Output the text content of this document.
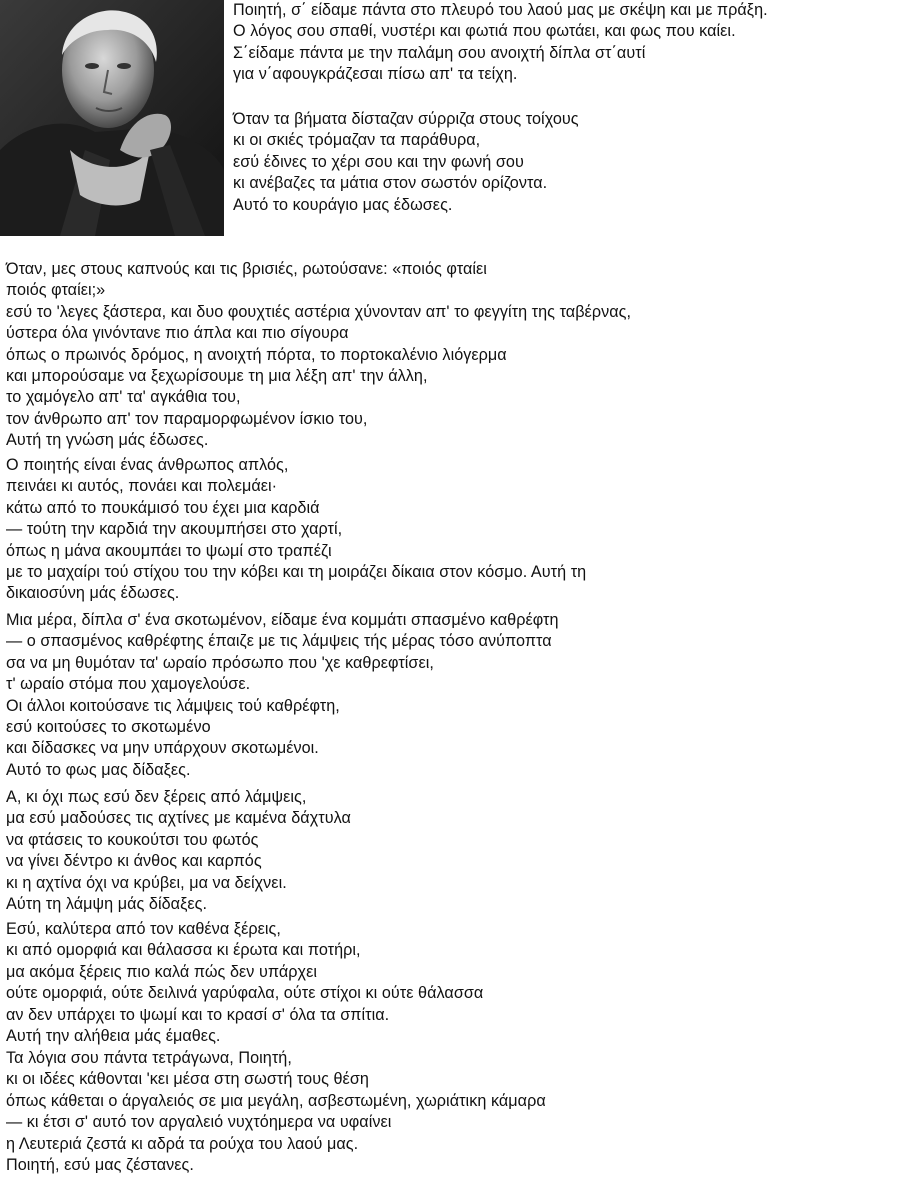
Ποιητή, σ΄ είδαμε πάντα στο πλευρό του λαού μας με σκέψη και με πράξη.
Ο λόγος σου σπαθί, νυστέρι και φωτιά που φωτάει, και φως που καίει.
Σ΄είδαμε πάντα με την παλάμη σου ανοιχτή δίπλα στ΄αυτί
για ν΄αφουγκράζεσαι πίσω απ' τα τείχη.
Όταν τα βήματα δίσταζαν σύρριζα στους τοίχους
κι οι σκιές τρόμαζαν τα παράθυρα,
εσύ έδινες το χέρι σου και την φωνή σου
κι ανέβαζες τα μάτια στον σωστόν ορίζοντα.
Αυτό το κουράγιο μας έδωσες.
Όταν, μες στους καπνούς και τις βρισιές, ρωτούσανε: «ποιός φταίει
ποιός φταίει;»
εσύ το 'λεγες ξάστερα, και δυο φουχτιές αστέρια χύνονταν απ' το φεγγίτη της ταβέρνας,
ύστερα όλα γινόντανε πιο άπλα και πιο σίγουρα
όπως ο πρωινός δρόμος, η ανοιχτή πόρτα, το πορτοκαλένιο λιόγερμα
και μπορούσαμε να ξεχωρίσουμε τη μια λέξη απ' την άλλη,
το χαμόγελο απ' τα' αγκάθια του,
τον άνθρωπο απ' τον παραμορφωμένον ίσκιο του,
Αυτή τη γνώση μάς έδωσες.
Ο ποιητής είναι ένας άνθρωπος απλός,
πεινάει κι αυτός, πονάει και πολεμάει·
κάτω από το πουκάμισό του έχει μια καρδιά
— τούτη την καρδιά την ακουμπήσει στο χαρτί,
όπως η μάνα ακουμπάει το ψωμί στο τραπέζι
με το μαχαίρι τού στίχου του την κόβει και τη μοιράζει δίκαια στον κόσμο. Αυτή τη
δικαιοσύνη μάς έδωσες.
Μια μέρα, δίπλα σ' ένα σκοτωμένον, είδαμε ένα κομμάτι σπασμένο καθρέφτη
— ο σπασμένος καθρέφτης έπαιζε με τις λάμψεις τής μέρας τόσο ανύποπτα
σα να μη θυμόταν τα' ωραίο πρόσωπο που 'χε καθρεφτίσει,
τ' ωραίο στόμα που χαμογελούσε.
Οι άλλοι κοιτούσανε τις λάμψεις τού καθρέφτη,
εσύ κοιτούσες το σκοτωμένο
και δίδασκες να μην υπάρχουν σκοτωμένοι.
Αυτό το φως μας δίδαξες.
Α, κι όχι πως εσύ δεν ξέρεις από λάμψεις,
μα εσύ μαδούσες τις αχτίνες με καμένα δάχτυλα
να φτάσεις το κουκούτσι του φωτός
να γίνει δέντρο κι άνθος και καρπός
κι η αχτίνα όχι να κρύβει, μα να δείχνει.
Αύτη τη λάμψη μάς δίδαξες.
Εσύ, καλύτερα από τον καθένα ξέρεις,
κι από ομορφιά και θάλασσα κι έρωτα και ποτήρι,
μα ακόμα ξέρεις πιο καλά πώς δεν υπάρχει
ούτε ομορφιά, ούτε δειλινά γαρύφαλα, ούτε στίχοι κι ούτε θάλασσα
αν δεν υπάρχει το ψωμί και το κρασί σ' όλα τα σπίτια.
Αυτή την αλήθεια μάς έμαθες.
Τα λόγια σου πάντα τετράγωνα, Ποιητή,
κι οι ιδέες κάθονται 'κει μέσα στη σωστή τους θέση
όπως κάθεται ο άργαλειός σε μια μεγάλη, ασβεστωμένη, χωριάτικη κάμαρα
— κι έτσι σ' αυτό τον αργαλειό νυχτόημερα να υφαίνει
η Λευτεριά ζεστά κι αδρά τα ρούχα του λαού μας.
Ποιητή, εσύ μας ζέστανες.
